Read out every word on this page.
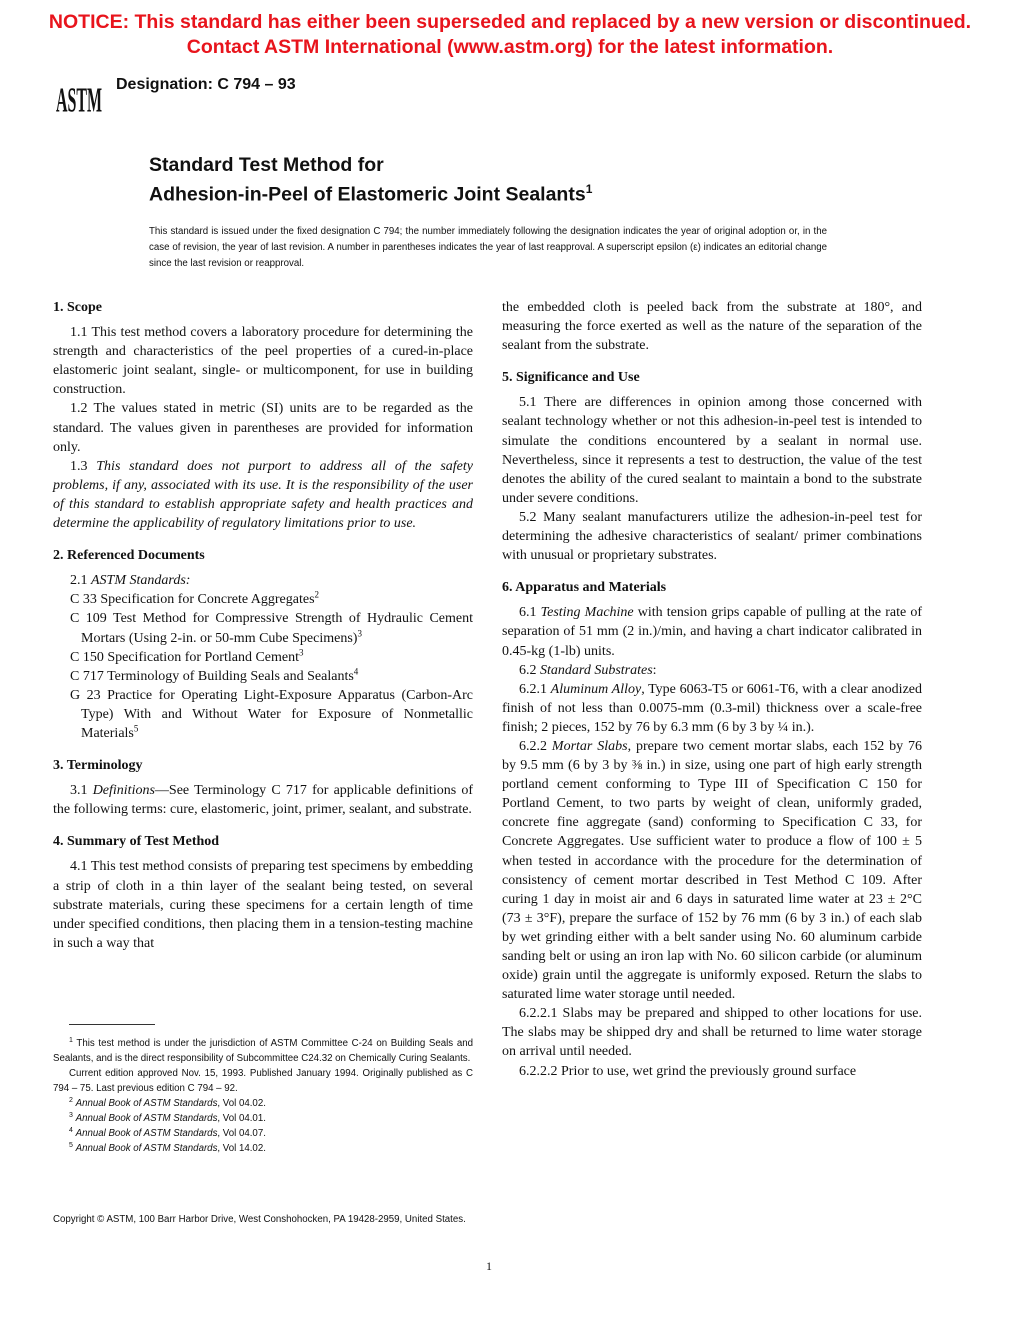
NOTICE: This standard has either been superseded and replaced by a new version or discontinued.
Contact ASTM International (www.astm.org) for the latest information.
ASTM Designation: C 794 – 93
Standard Test Method for
Adhesion-in-Peel of Elastomeric Joint Sealants$^1$
This standard is issued under the fixed designation C 794; the number immediately following the designation indicates the year of original adoption or, in the case of revision, the year of last revision. A number in parentheses indicates the year of last reapproval. A superscript epsilon (ε) indicates an editorial change since the last revision or reapproval.
1. Scope

1.1 This test method covers a laboratory procedure for determining the strength and characteristics of the peel properties of a cured-in-place elastomeric joint sealant, single- or multicomponent, for use in building construction.

1.2 The values stated in metric (SI) units are to be regarded as the standard. The values given in parentheses are provided for information only.

1.3 This standard does not purport to address all of the safety problems, if any, associated with its use. It is the responsibility of the user of this standard to establish appropriate safety and health practices and determine the applicability of regulatory limitations prior to use.

2. Referenced Documents

2.1 ASTM Standards:

C 33 Specification for Concrete Aggregates$^2$

C 109 Test Method for Compressive Strength of Hydraulic Cement Mortars (Using 2-in. or 50-mm Cube Specimens)$^3$

C 150 Specification for Portland Cement$^3$

C 717 Terminology of Building Seals and Sealants$^4$

G 23 Practice for Operating Light-Exposure Apparatus (Carbon-Arc Type) With and Without Water for Exposure of Nonmetallic Materials$^5$

3. Terminology

3.1 Definitions—See Terminology C 717 for applicable definitions of the following terms: cure, elastomeric, joint, primer, sealant, and substrate.

4. Summary of Test Method

4.1 This test method consists of preparing test specimens by embedding a strip of cloth in a thin layer of the sealant being tested, on several substrate materials, curing these specimens for a certain length of time under specified conditions, then placing them in a tension-testing machine in such a way that

$^1$ This test method is under the jurisdiction of ASTM Committee C-24 on Building Seals and Sealants, and is the direct responsibility of Subcommittee C24.32 on Chemically Curing Sealants.

Current edition approved Nov. 15, 1993. Published January 1994. Originally published as C 794 – 75. Last previous edition C 794 – 92.

$^2$ Annual Book of ASTM Standards, Vol 04.02.

$^3$ Annual Book of ASTM Standards, Vol 04.01.

$^4$ Annual Book of ASTM Standards, Vol 04.07.

$^5$ Annual Book of ASTM Standards, Vol 14.02.

the embedded cloth is peeled back from the substrate at 180°, and measuring the force exerted as well as the nature of the separation of the sealant from the substrate.

5. Significance and Use

5.1 There are differences in opinion among those concerned with sealant technology whether or not this adhesion-in-peel test is intended to simulate the conditions encountered by a sealant in normal use. Nevertheless, since it represents a test to destruction, the value of the test denotes the ability of the cured sealant to maintain a bond to the substrate under severe conditions.

5.2 Many sealant manufacturers utilize the adhesion-in-peel test for determining the adhesive characteristics of sealant/ primer combinations with unusual or proprietary substrates.

6. Apparatus and Materials

6.1 Testing Machine with tension grips capable of pulling at the rate of separation of 51 mm (2 in.)/min, and having a chart indicator calibrated in 0.45-kg (1-lb) units.

6.2 Standard Substrates:

6.2.1 Aluminum Alloy, Type 6063-T5 or 6061-T6, with a clear anodized finish of not less than 0.0075-mm (0.3-mil) thickness over a scale-free finish; 2 pieces, 152 by 76 by 6.3 mm (6 by 3 by ¼ in.).

6.2.2 Mortar Slabs, prepare two cement mortar slabs, each 152 by 76 by 9.5 mm (6 by 3 by ⅜ in.) in size, using one part of high early strength portland cement conforming to Type III of Specification C 150 for Portland Cement, to two parts by weight of clean, uniformly graded, concrete fine aggregate (sand) conforming to Specification C 33, for Concrete Aggregates. Use sufficient water to produce a flow of 100 ± 5 when tested in accordance with the procedure for the determination of consistency of cement mortar described in Test Method C 109. After curing 1 day in moist air and 6 days in saturated lime water at 23 ± 2°C (73 ± 3°F), prepare the surface of 152 by 76 mm (6 by 3 in.) of each slab by wet grinding either with a belt sander using No. 60 aluminum carbide sanding belt or using an iron lap with No. 60 silicon carbide (or aluminum oxide) grain until the aggregate is uniformly exposed. Return the slabs to saturated lime water storage until needed.

6.2.2.1 Slabs may be prepared and shipped to other locations for use. The slabs may be shipped dry and shall be returned to lime water storage on arrival until needed.

6.2.2.2 Prior to use, wet grind the previously ground surface

Copyright © ASTM, 100 Barr Harbor Drive, West Conshohocken, PA 19428-2959, United States.
1
